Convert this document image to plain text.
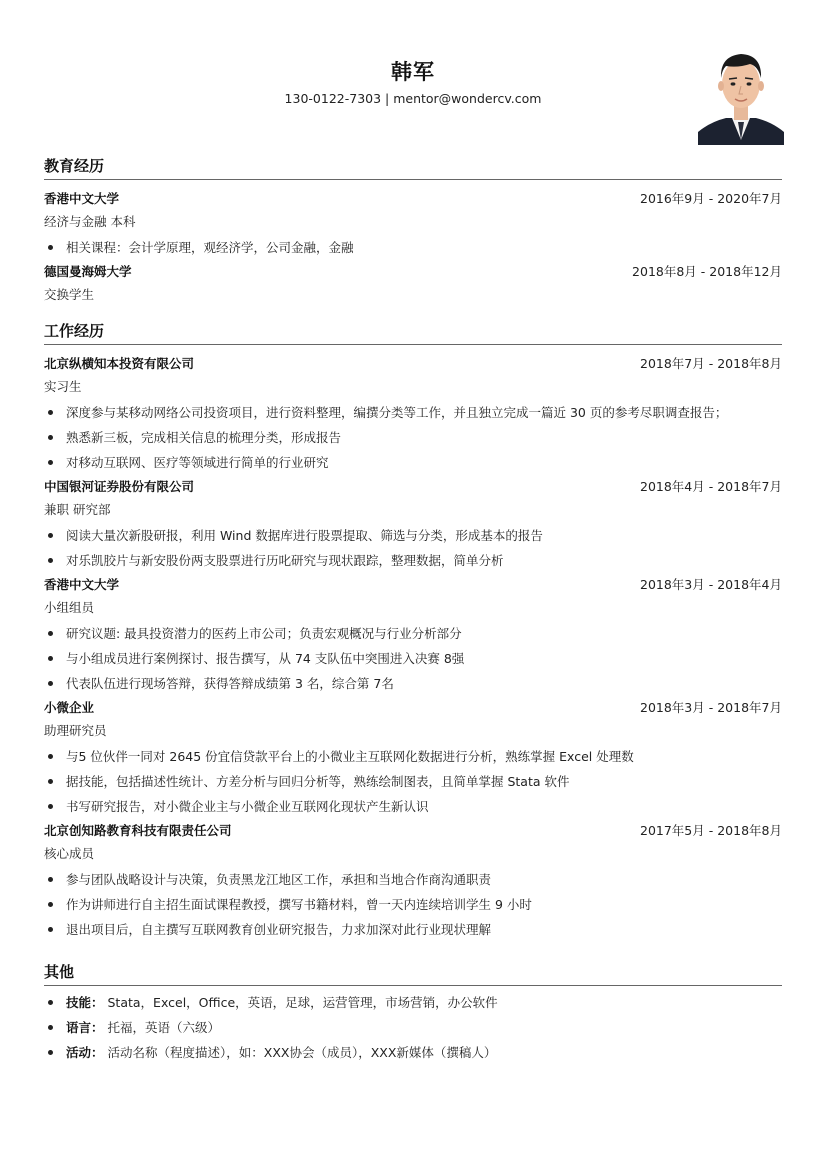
韩军
130-0122-7303 | mentor@wondercv.com
教育经历
香港中文大学	2016年9月 - 2020年7月
经济与金融 本科
相关课程：会计学原理，观经济学，公司金融，金融
德国曼海姆大学	2018年8月 - 2018年12月
交换学生
工作经历
北京纵横知本投资有限公司	2018年7月 - 2018年8月
实习生
深度参与某移动网络公司投资项目，进行资料整理，编撰分类等工作，并且独立完成一篇近 30 页的参考尽职调查报告；
熟悉新三板，完成相关信息的梳理分类，形成报告
对移动互联网、医疗等领域进行简单的行业研究
中国银河证券股份有限公司	2018年4月 - 2018年7月
兼职 研究部
阅读大量次新股研报，利用 Wind 数据库进行股票提取、筛选与分类，形成基本的报告
对乐凯胶片与新安股份两支股票进行历叱研究与现状跟踪，整理数据，简单分析
香港中文大学	2018年3月 - 2018年4月
小组组员
研究议题: 最具投资潜力的医药上市公司；负责宏观概况与行业分析部分
与小组成员进行案例探讨、报告撰写，从 74 支队伍中突围进入决赛 8强
代表队伍进行现场答辩，获得答辩成绩第 3 名，综合第 7名
小微企业	2018年3月 - 2018年7月
助理研究员
与5 位伙伴一同对 2645 份宜信贷款平台上的小微业主互联网化数据进行分析，熟练掌握 Excel 处理数
据技能，包括描述性统计、方差分析与回归分析等，熟练绘制图表，且简单掌握 Stata 软件
书写研究报告，对小微企业主与小微企业互联网化现状产生新认识
北京创知路教育科技有限责任公司	2017年5月 - 2018年8月
核心成员
参与团队战略设计与决策，负责黑龙江地区工作，承担和当地合作商沟通职责
作为讲师进行自主招生面试课程教授，撰写书籍材料，曾一天内连续培训学生 9 小时
退出项目后，自主撰写互联网教育创业研究报告，力求加深对此行业现状理解
其他
技能： Stata，Excel，Office，英语，足球，运营管理，市场营销，办公软件
语言： 托福，英语（六级）
活动： 活动名称（程度描述），如：XXX协会（成员），XXX新媒体（撰稿人）
